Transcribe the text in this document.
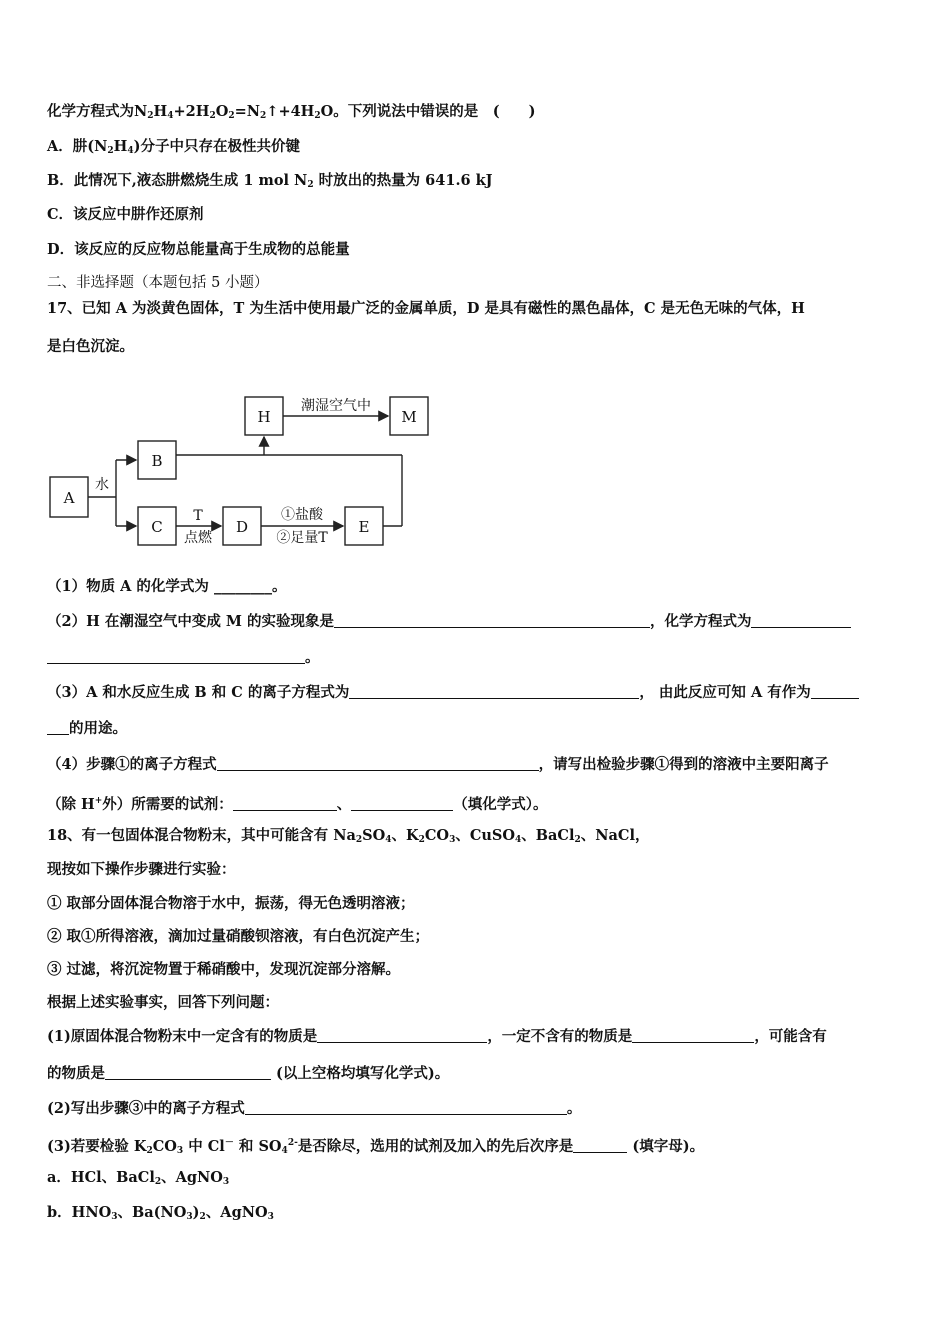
化学方程式为$N_2H_4+2H_2O_2=N_2↑+4H_2O$。下列说法中错误的是　(　　)
A．肼$(N_2H_4)$分子中只存在极性共价键
B．此情况下,液态肼燃烧生成 1 mol $N_2$ 时放出的热量为 641.6 kJ
C．该反应中肼作还原剂
D．该反应的反应物总能量高于生成物的总能量
二、非选择题（本题包括 5 小题）
17、已知 A 为淡黄色固体，T 为生活中使用最广泛的金属单质，D 是具有磁性的黑色晶体，C 是无色无味的气体，H
是白色沉淀。
A
B
C	D	E
H	M
水
潮湿空气中
T
点燃
①盐酸
②足量T
（1）物质 A 的化学式为 ________。
（2）H 在潮湿空气中变成 M 的实验现象是	，化学方程式为
。
（3）A 和水反应生成 B 和 C 的离子方程式为	， 由此反应可知 A 有作为
的用途。
（4）步骤①的离子方程式	，请写出检验步骤①得到的溶液中主要阳离子
（除 H+外）所需要的试剂：	、	（填化学式）。
18、有一包固体混合物粉末，其中可能含有 $Na_2SO_4$、$K_2CO_3$、CuSO$_4$、BaCl$_2$、NaCl，
现按如下操作步骤进行实验：
① 取部分固体混合物溶于水中，振荡，得无色透明溶液；
② 取①所得溶液，滴加过量硝酸钡溶液，有白色沉淀产生；
③ 过滤，将沉淀物置于稀硝酸中，发现沉淀部分溶解。
根据上述实验事实，回答下列问题：
(1)原固体混合物粉末中一定含有的物质是	，一定不含有的物质是	，可能含有
的物质是	(以上空格均填写化学式)。
(2)写出步骤③中的离子方程式	。
(3)若要检验 $K_2CO_3$ 中 Cl－ 和 $SO_4^{2-}$是否除尽，选用的试剂及加入的先后次序是	(填字母)。
a．HCl、BaCl$_2$、AgNO$_3$
b．$HNO_3$、$Ba(NO_3)_2$、AgNO$_3$
